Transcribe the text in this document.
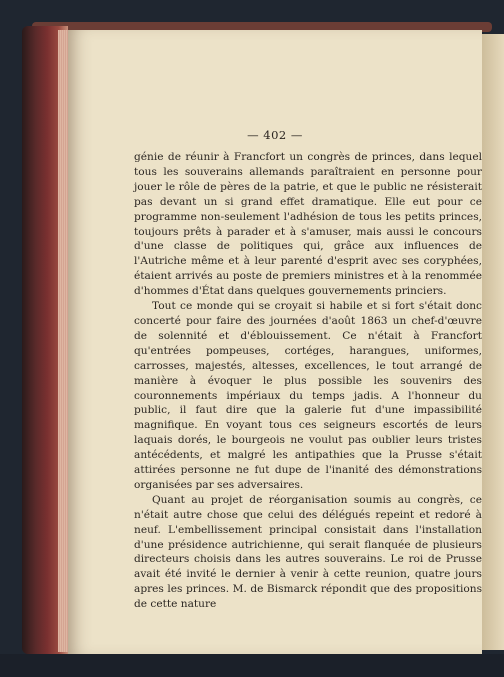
— 402 —

génie de réunir à Francfort un congrès de princes, dans lequel tous les souverains allemands paraîtraient en personne pour jouer le rôle de pères de la patrie, et que le public ne résisterait pas devant un si grand effet dramatique. Elle eut pour ce programme non-seulement l'adhésion de tous les petits princes, toujours prêts à parader et à s'amuser, mais aussi le concours d'une classe de politiques qui, grâce aux influences de l'Autriche même et à leur parenté d'esprit avec ses coryphées, étaient arrivés au poste de premiers ministres et à la renommée d'hommes d'État dans quelques gouvernements princiers.

Tout ce monde qui se croyait si habile et si fort s'était donc concerté pour faire des journées d'août 1863 un chef-d'œuvre de solennité et d'éblouissement. Ce n'était à Francfort qu'entrées pompeuses, cortéges, harangues, uniformes, carrosses, majestés, altesses, excellences, le tout arrangé de manière à évoquer le plus possible les souvenirs des couronnements impériaux du temps jadis. A l'honneur du public, il faut dire que la galerie fut d'une impassibilité magnifique. En voyant tous ces seigneurs escortés de leurs laquais dorés, le bourgeois ne voulut pas oublier leurs tristes antécédents, et malgré les antipathies que la Prusse s'était attirées personne ne fut dupe de l'inanité des démonstrations organisées par ses adversaires.

Quant au projet de réorganisation soumis au congrès, ce n'était autre chose que celui des délégués repeint et redoré à neuf. L'embellissement principal consistait dans l'installation d'une présidence autrichienne, qui serait flanquée de plusieurs directeurs choisis dans les autres souverains. Le roi de Prusse avait été invité le dernier à venir à cette reunion, quatre jours apres les princes. M. de Bismarck répondit que des propositions de cette nature
